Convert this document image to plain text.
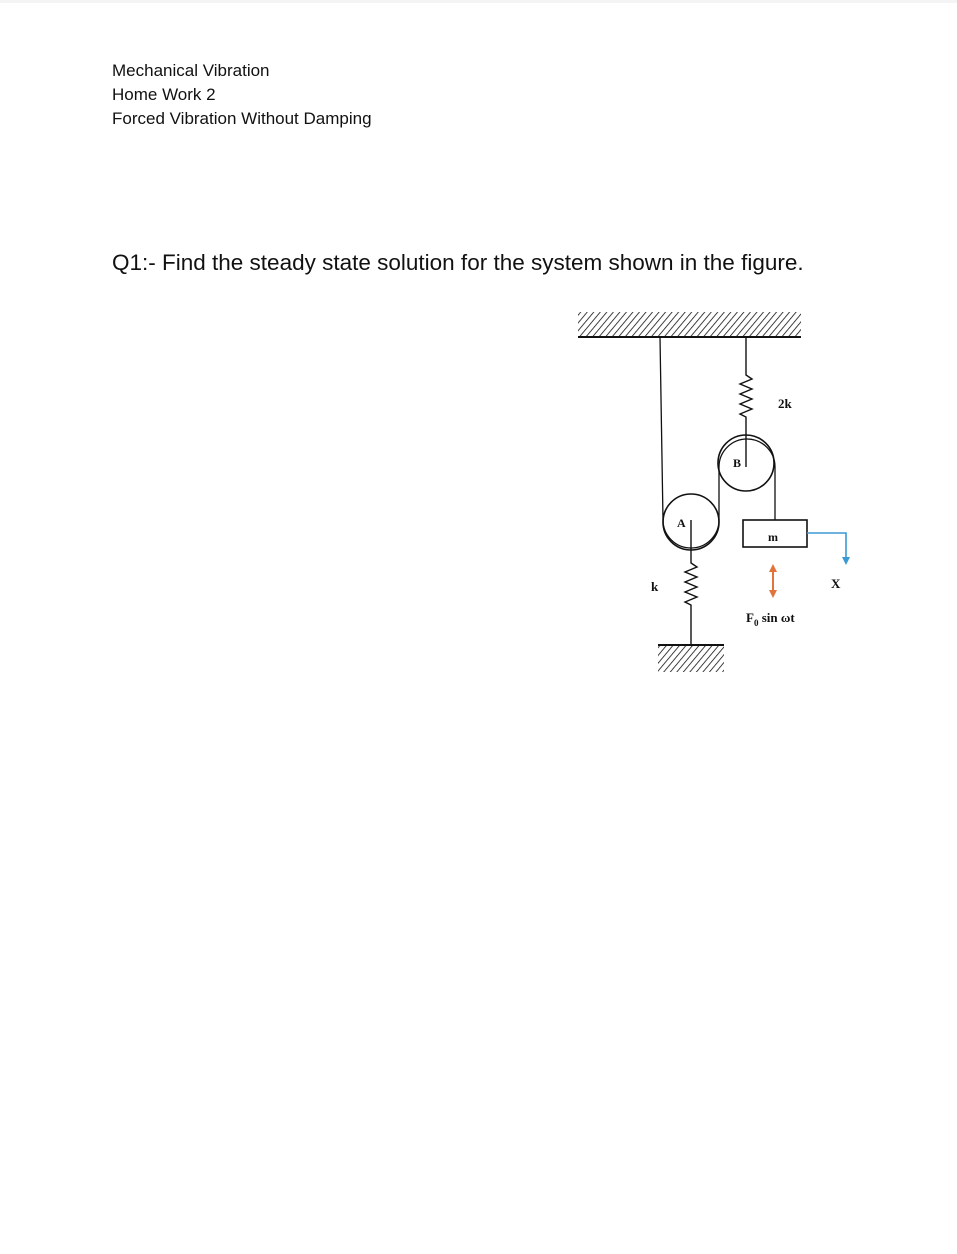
Mechanical Vibration
Home Work 2
Forced Vibration Without Damping
Q1:- Find the steady state solution for the system shown in the figure.
2k
B
A
k
m
X
$F_0$ sin ωt
